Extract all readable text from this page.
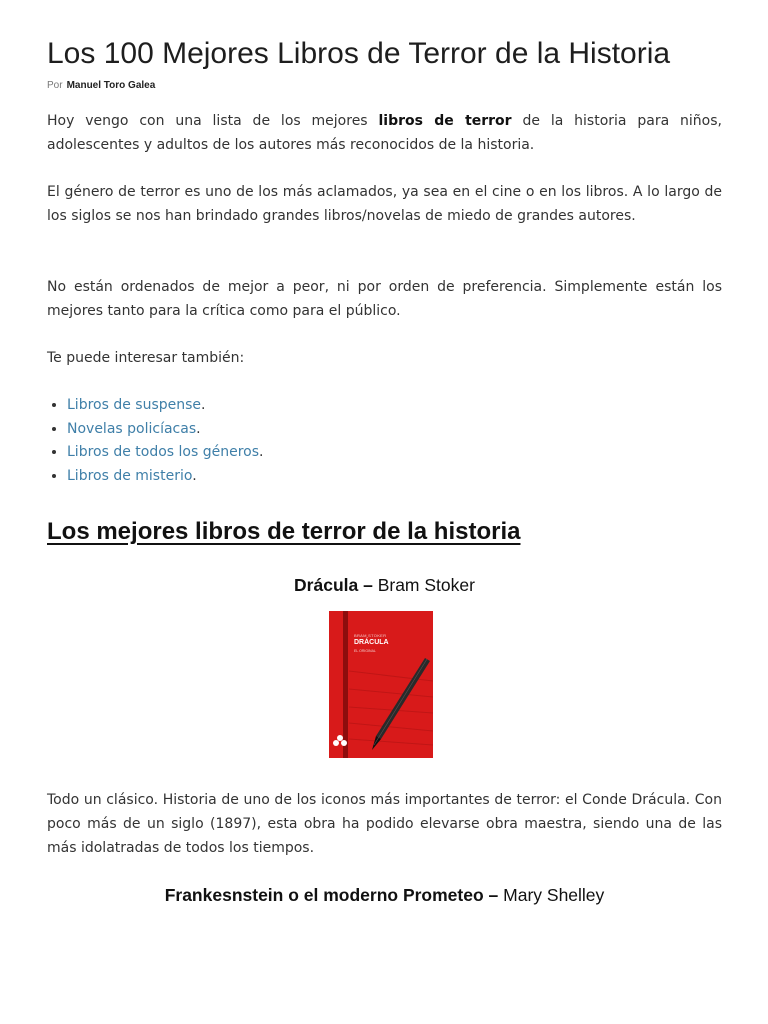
Los 100 Mejores Libros de Terror de la Historia
Por Manuel Toro Galea

Hoy vengo con una lista de los mejores libros de terror de la historia para niños, adolescentes y adultos de los autores más reconocidos de la historia.

El género de terror es uno de los más aclamados, ya sea en el cine o en los libros. A lo largo de los siglos se nos han brindado grandes libros/novelas de miedo de grandes autores.

No están ordenados de mejor a peor, ni por orden de preferencia. Simplemente están los mejores tanto para la crítica como para el público.

Te puede interesar también:

• Libros de suspense.
• Novelas policíacas.
• Libros de todos los géneros.
• Libros de misterio.
Los mejores libros de terror de la historia
Drácula – Bram Stoker
BRAM STOKER
DRÁCULA
EL ORIGINAL

Todo un clásico. Historia de uno de los iconos más importantes de terror: el Conde Drácula. Con poco más de un siglo (1897), esta obra ha podido elevarse obra maestra, siendo una de las más idolatradas de todos los tiempos.

Frankesnstein o el moderno Prometeo – Mary Shelley
